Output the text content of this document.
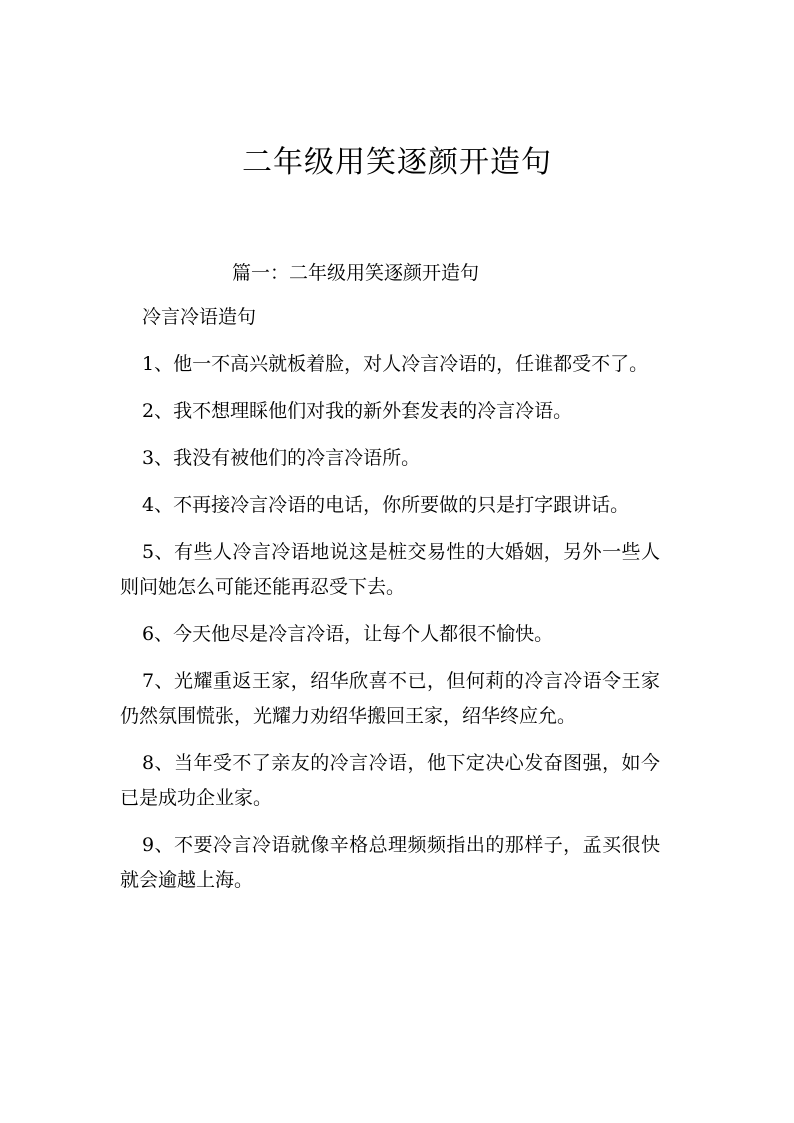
二年级用笑逐颜开造句
篇一：二年级用笑逐颜开造句

冷言冷语造句

1、他一不高兴就板着脸，对人冷言冷语的，任谁都受不了。

2、我不想理睬他们对我的新外套发表的冷言冷语。

3、我没有被他们的冷言冷语所。

4、不再接冷言冷语的电话，你所要做的只是打字跟讲话。

5、有些人冷言冷语地说这是桩交易性的大婚姻，另外一些人则问她怎么可能还能再忍受下去。

6、今天他尽是冷言冷语，让每个人都很不愉快。

7、光耀重返王家，绍华欣喜不已，但何莉的冷言冷语令王家仍然氛围慌张，光耀力劝绍华搬回王家，绍华终应允。

8、当年受不了亲友的冷言冷语，他下定决心发奋图强，如今已是成功企业家。

9、不要冷言冷语就像辛格总理频频指出的那样子，孟买很快就会逾越上海。
